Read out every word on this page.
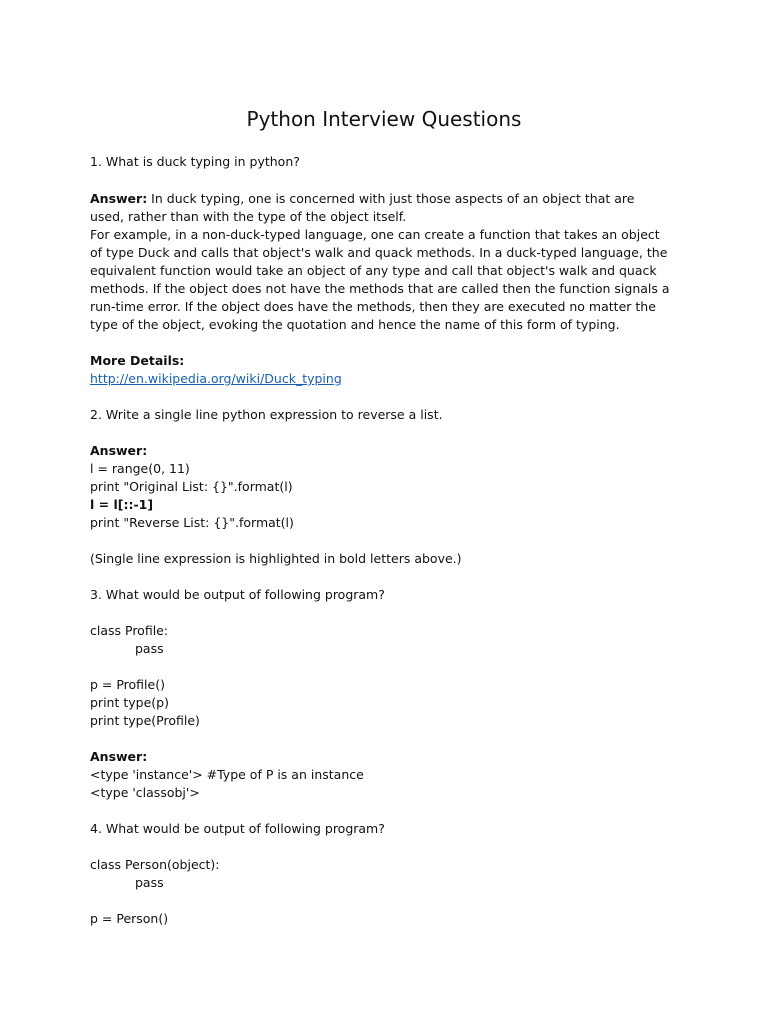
Python Interview Questions
1. What is duck typing in python?
Answer: In duck typing, one is concerned with just those aspects of an object that are
used, rather than with the type of the object itself.
For example, in a non-duck-typed language, one can create a function that takes an object
of type Duck and calls that object's walk and quack methods. In a duck-typed language, the
equivalent function would take an object of any type and call that object's walk and quack
methods. If the object does not have the methods that are called then the function signals a
run-time error. If the object does have the methods, then they are executed no matter the
type of the object, evoking the quotation and hence the name of this form of typing.
More Details:
http://en.wikipedia.org/wiki/Duck_typing
2. Write a single line python expression to reverse a list.
Answer:
l = range(0, 11)
print "Original List: {}".format(l)
l = l[::-1]
print "Reverse List: {}".format(l)
(Single line expression is highlighted in bold letters above.)
3. What would be output of following program?
class Profile:
pass
p = Profile()
print type(p)
print type(Profile)
Answer:
<type 'instance'> #Type of P is an instance
<type 'classobj'>
4. What would be output of following program?
class Person(object):
pass
p = Person()
